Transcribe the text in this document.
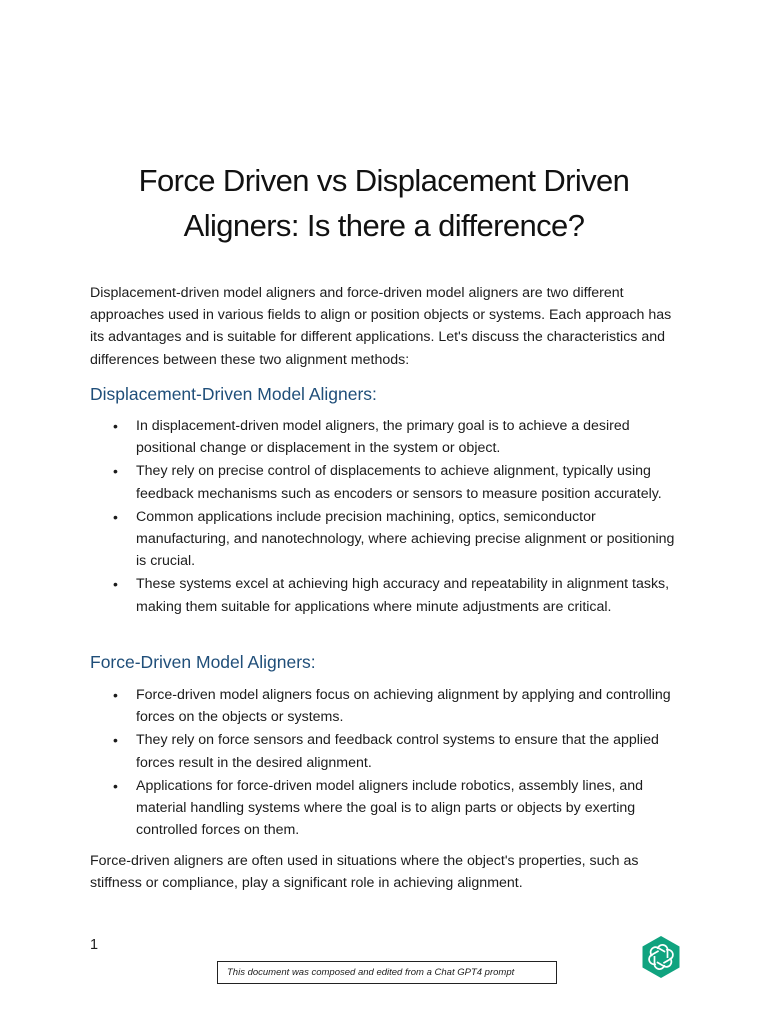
Force Driven vs Displacement Driven
Aligners: Is there a difference?

Displacement-driven model aligners and force-driven model aligners are two different approaches used in various fields to align or position objects or systems. Each approach has its advantages and is suitable for different applications. Let's discuss the characteristics and differences between these two alignment methods:

Displacement-Driven Model Aligners:
• In displacement-driven model aligners, the primary goal is to achieve a desired positional change or displacement in the system or object.
• They rely on precise control of displacements to achieve alignment, typically using feedback mechanisms such as encoders or sensors to measure position accurately.
• Common applications include precision machining, optics, semiconductor manufacturing, and nanotechnology, where achieving precise alignment or positioning is crucial.
• These systems excel at achieving high accuracy and repeatability in alignment tasks, making them suitable for applications where minute adjustments are critical.
Force-Driven Model Aligners:
• Force-driven model aligners focus on achieving alignment by applying and controlling forces on the objects or systems.
• They rely on force sensors and feedback control systems to ensure that the applied forces result in the desired alignment.
• Applications for force-driven model aligners include robotics, assembly lines, and material handling systems where the goal is to align parts or objects by exerting controlled forces on them.

Force-driven aligners are often used in situations where the object's properties, such as stiffness or compliance, play a significant role in achieving alignment.

1
This document was composed and edited from a Chat GPT4 prompt
